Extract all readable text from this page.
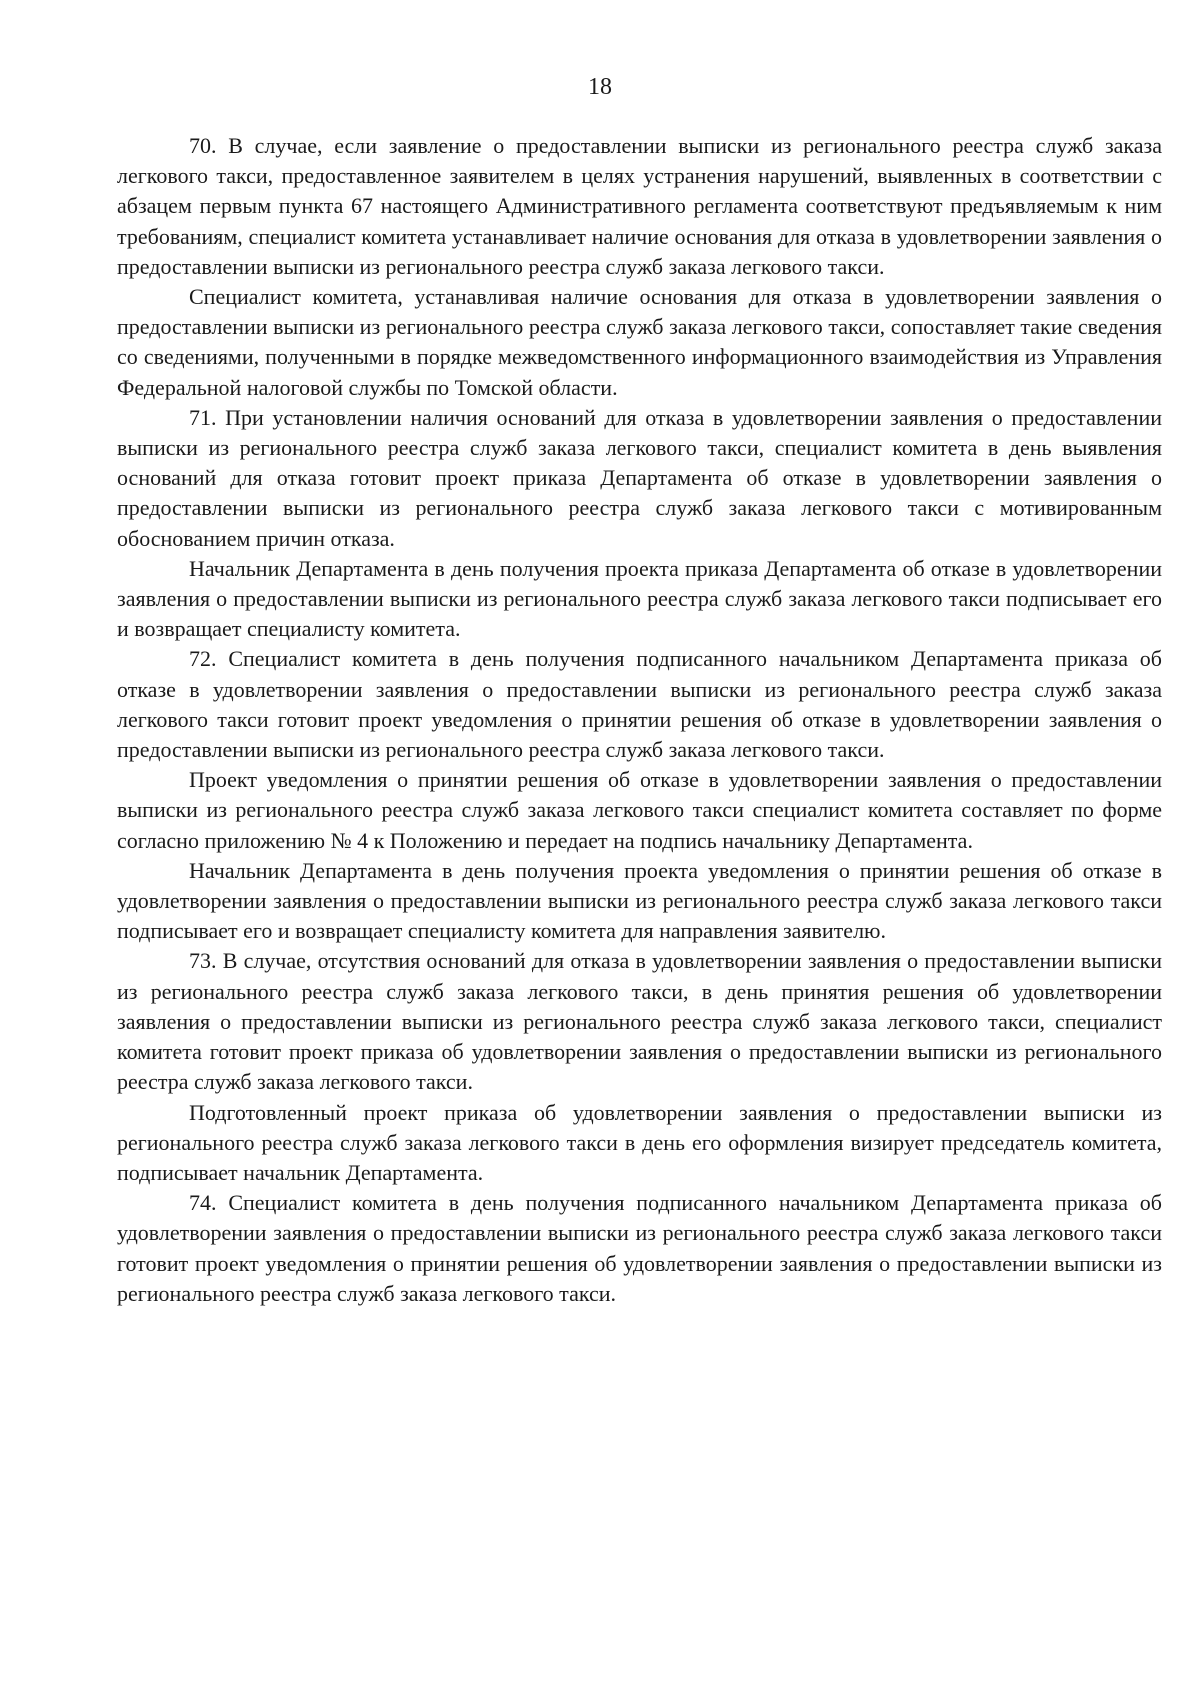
18

70. В случае, если заявление о предоставлении выписки из регионального реестра служб заказа легкового такси, предоставленное заявителем в целях устранения нарушений, выявленных в соответствии с абзацем первым пункта 67 настоящего Административного регламента соответствуют предъявляемым к ним требованиям, специалист комитета устанавливает наличие основания для отказа в удовлетворении заявления о предоставлении выписки из регионального реестра служб заказа легкового такси.

Специалист комитета, устанавливая наличие основания для отказа в удовлетворении заявления о предоставлении выписки из регионального реестра служб заказа легкового такси, сопоставляет такие сведения со сведениями, полученными в порядке межведомственного информационного взаимодействия из Управления Федеральной налоговой службы по Томской области.

71. При установлении наличия оснований для отказа в удовлетворении заявления о предоставлении выписки из регионального реестра служб заказа легкового такси, специалист комитета в день выявления оснований для отказа готовит проект приказа Департамента об отказе в удовлетворении заявления о предоставлении выписки из регионального реестра служб заказа легкового такси с мотивированным обоснованием причин отказа.

Начальник Департамента в день получения проекта приказа Департамента об отказе в удовлетворении заявления о предоставлении выписки из регионального реестра служб заказа легкового такси подписывает его и возвращает специалисту комитета.

72. Специалист комитета в день получения подписанного начальником Департамента приказа об отказе в удовлетворении заявления о предоставлении выписки из регионального реестра служб заказа легкового такси готовит проект уведомления о принятии решения об отказе в удовлетворении заявления о предоставлении выписки из регионального реестра служб заказа легкового такси.

Проект уведомления о принятии решения об отказе в удовлетворении заявления о предоставлении выписки из регионального реестра служб заказа легкового такси специалист комитета составляет по форме согласно приложению № 4 к Положению и передает на подпись начальнику Департамента.

Начальник Департамента в день получения проекта уведомления о принятии решения об отказе в удовлетворении заявления о предоставлении выписки из регионального реестра служб заказа легкового такси подписывает его и возвращает специалисту комитета для направления заявителю.

73. В случае, отсутствия оснований для отказа в удовлетворении заявления о предоставлении выписки из регионального реестра служб заказа легкового такси, в день принятия решения об удовлетворении заявления о предоставлении выписки из регионального реестра служб заказа легкового такси, специалист комитета готовит проект приказа об удовлетворении заявления о предоставлении выписки из регионального реестра служб заказа легкового такси.

Подготовленный проект приказа об удовлетворении заявления о предоставлении выписки из регионального реестра служб заказа легкового такси в день его оформления визирует председатель комитета, подписывает начальник Департамента.

74. Специалист комитета в день получения подписанного начальником Департамента приказа об удовлетворении заявления о предоставлении выписки из регионального реестра служб заказа легкового такси готовит проект уведомления о принятии решения об удовлетворении заявления о предоставлении выписки из регионального реестра служб заказа легкового такси.
